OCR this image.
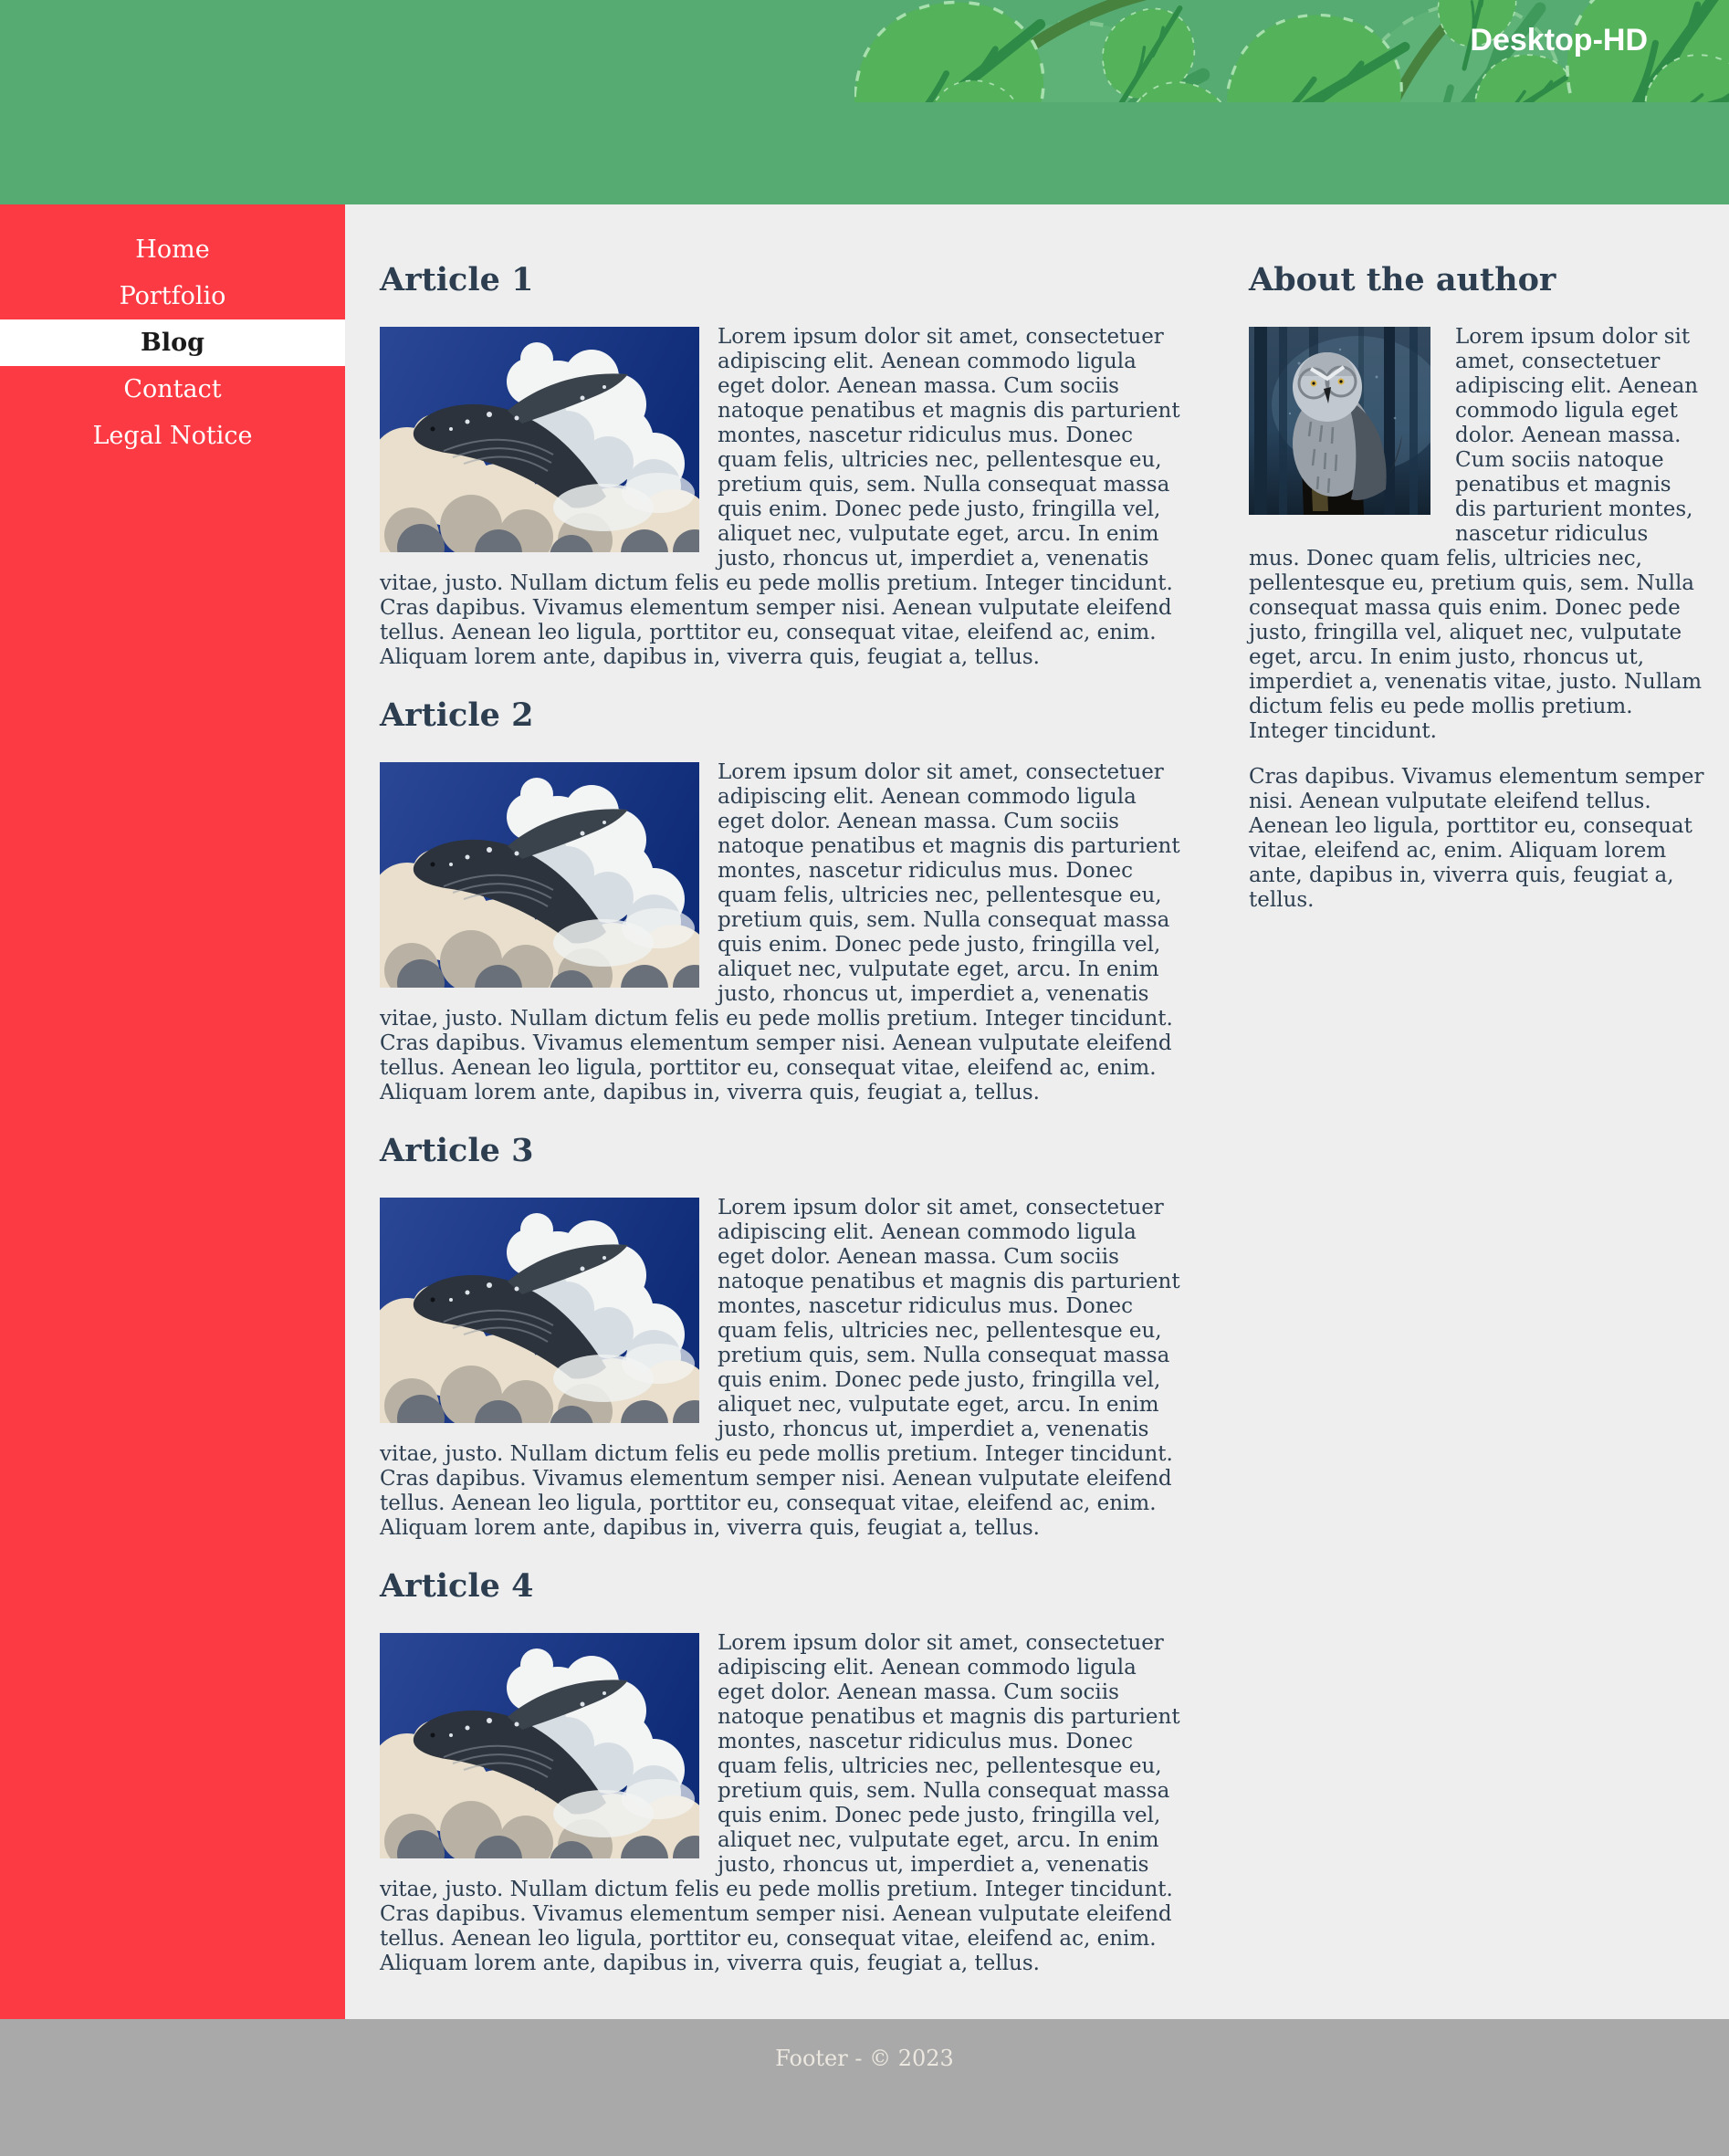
Desktop-HD
Home
Portfolio
Blog
Contact
Legal Notice
Article 1

Lorem ipsum dolor sit amet, consectetuer adipiscing elit. Aenean commodo ligula eget dolor. Aenean massa. Cum sociis natoque penatibus et magnis dis parturient montes, nascetur ridiculus mus. Donec quam felis, ultricies nec, pellentesque eu, pretium quis, sem. Nulla consequat massa quis enim. Donec pede justo, fringilla vel, aliquet nec, vulputate eget, arcu. In enim justo, rhoncus ut, imperdiet a, venenatis vitae, justo. Nullam dictum felis eu pede mollis pretium. Integer tincidunt. Cras dapibus. Vivamus elementum semper nisi. Aenean vulputate eleifend tellus. Aenean leo ligula, porttitor eu, consequat vitae, eleifend ac, enim. Aliquam lorem ante, dapibus in, viverra quis, feugiat a, tellus.

Article 2

Lorem ipsum dolor sit amet, consectetuer adipiscing elit. Aenean commodo ligula eget dolor. Aenean massa. Cum sociis natoque penatibus et magnis dis parturient montes, nascetur ridiculus mus. Donec quam felis, ultricies nec, pellentesque eu, pretium quis, sem. Nulla consequat massa quis enim. Donec pede justo, fringilla vel, aliquet nec, vulputate eget, arcu. In enim justo, rhoncus ut, imperdiet a, venenatis vitae, justo. Nullam dictum felis eu pede mollis pretium. Integer tincidunt. Cras dapibus. Vivamus elementum semper nisi. Aenean vulputate eleifend tellus. Aenean leo ligula, porttitor eu, consequat vitae, eleifend ac, enim. Aliquam lorem ante, dapibus in, viverra quis, feugiat a, tellus.

Article 3

Lorem ipsum dolor sit amet, consectetuer adipiscing elit. Aenean commodo ligula eget dolor. Aenean massa. Cum sociis natoque penatibus et magnis dis parturient montes, nascetur ridiculus mus. Donec quam felis, ultricies nec, pellentesque eu, pretium quis, sem. Nulla consequat massa quis enim. Donec pede justo, fringilla vel, aliquet nec, vulputate eget, arcu. In enim justo, rhoncus ut, imperdiet a, venenatis vitae, justo. Nullam dictum felis eu pede mollis pretium. Integer tincidunt. Cras dapibus. Vivamus elementum semper nisi. Aenean vulputate eleifend tellus. Aenean leo ligula, porttitor eu, consequat vitae, eleifend ac, enim. Aliquam lorem ante, dapibus in, viverra quis, feugiat a, tellus.

Article 4

Lorem ipsum dolor sit amet, consectetuer adipiscing elit. Aenean commodo ligula eget dolor. Aenean massa. Cum sociis natoque penatibus et magnis dis parturient montes, nascetur ridiculus mus. Donec quam felis, ultricies nec, pellentesque eu, pretium quis, sem. Nulla consequat massa quis enim. Donec pede justo, fringilla vel, aliquet nec, vulputate eget, arcu. In enim justo, rhoncus ut, imperdiet a, venenatis vitae, justo. Nullam dictum felis eu pede mollis pretium. Integer tincidunt. Cras dapibus. Vivamus elementum semper nisi. Aenean vulputate eleifend tellus. Aenean leo ligula, porttitor eu, consequat vitae, eleifend ac, enim. Aliquam lorem ante, dapibus in, viverra quis, feugiat a, tellus.

About the author

Lorem ipsum dolor sit amet, consectetuer adipiscing elit. Aenean commodo ligula eget dolor. Aenean massa. Cum sociis natoque penatibus et magnis dis parturient montes, nascetur ridiculus mus. Donec quam felis, ultricies nec, pellentesque eu, pretium quis, sem. Nulla consequat massa quis enim. Donec pede justo, fringilla vel, aliquet nec, vulputate eget, arcu. In enim justo, rhoncus ut, imperdiet a, venenatis vitae, justo. Nullam dictum felis eu pede mollis pretium. Integer tincidunt.

Cras dapibus. Vivamus elementum semper nisi. Aenean vulputate eleifend tellus. Aenean leo ligula, porttitor eu, consequat vitae, eleifend ac, enim. Aliquam lorem ante, dapibus in, viverra quis, feugiat a, tellus.

Footer - © 2023
